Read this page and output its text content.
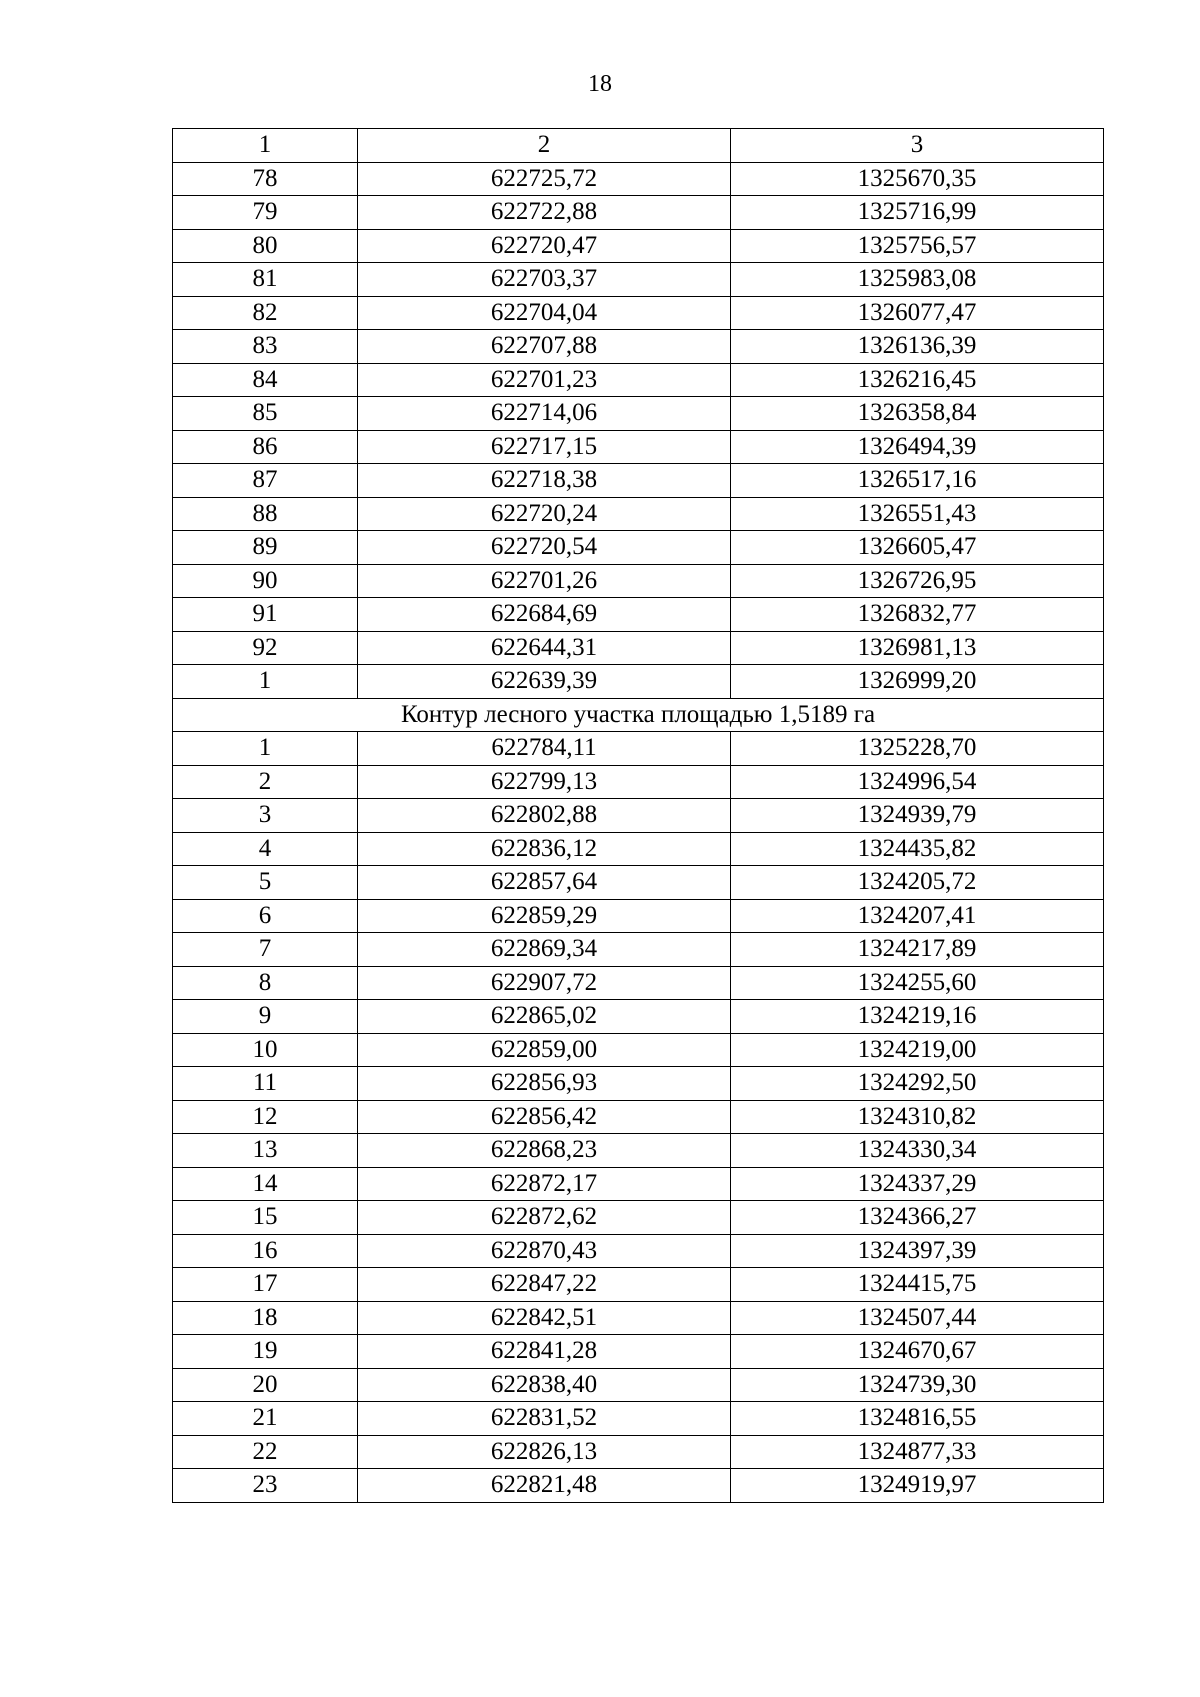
18
1	2	3
78	622725,72	1325670,35
79	622722,88	1325716,99
80	622720,47	1325756,57
81	622703,37	1325983,08
82	622704,04	1326077,47
83	622707,88	1326136,39
84	622701,23	1326216,45
85	622714,06	1326358,84
86	622717,15	1326494,39
87	622718,38	1326517,16
88	622720,24	1326551,43
89	622720,54	1326605,47
90	622701,26	1326726,95
91	622684,69	1326832,77
92	622644,31	1326981,13
1	622639,39	1326999,20
Контур лесного участка площадью 1,5189 га		
1	622784,11	1325228,70
2	622799,13	1324996,54
3	622802,88	1324939,79
4	622836,12	1324435,82
5	622857,64	1324205,72
6	622859,29	1324207,41
7	622869,34	1324217,89
8	622907,72	1324255,60
9	622865,02	1324219,16
10	622859,00	1324219,00
11	622856,93	1324292,50
12	622856,42	1324310,82
13	622868,23	1324330,34
14	622872,17	1324337,29
15	622872,62	1324366,27
16	622870,43	1324397,39
17	622847,22	1324415,75
18	622842,51	1324507,44
19	622841,28	1324670,67
20	622838,40	1324739,30
21	622831,52	1324816,55
22	622826,13	1324877,33
23	622821,48	1324919,97
